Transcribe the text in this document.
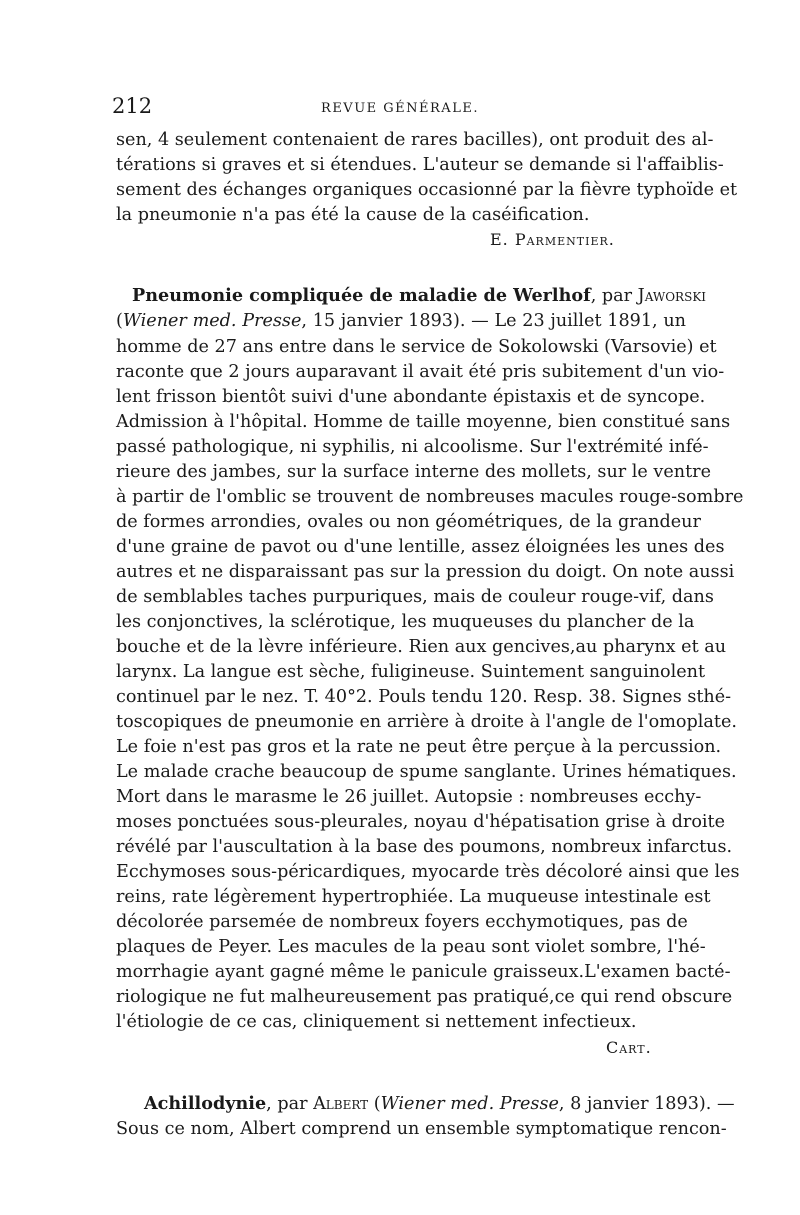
212	REVUE GÉNÉRALE.
sen, 4 seulement contenaient de rares bacilles), ont produit des al-
térations si graves et si étendues. L'auteur se demande si l'affaiblis-
sement des échanges organiques occasionné par la fièvre typhoïde et
la pneumonie n'a pas été la cause de la caséification.
E. Parmentier.
Pneumonie compliquée de maladie de Werlhof, par Jaworski
(Wiener med. Presse, 15 janvier 1893). — Le 23 juillet 1891, un
homme de 27 ans entre dans le service de Sokolowski (Varsovie) et
raconte que 2 jours auparavant il avait été pris subitement d'un vio-
lent frisson bientôt suivi d'une abondante épistaxis et de syncope.
Admission à l'hôpital. Homme de taille moyenne, bien constitué sans
passé pathologique, ni syphilis, ni alcoolisme. Sur l'extrémité infé-
rieure des jambes, sur la surface interne des mollets, sur le ventre
à partir de l'omblic se trouvent de nombreuses macules rouge-sombre
de formes arrondies, ovales ou non géométriques, de la grandeur
d'une graine de pavot ou d'une lentille, assez éloignées les unes des
autres et ne disparaissant pas sur la pression du doigt. On note aussi
de semblables taches purpuriques, mais de couleur rouge-vif, dans
les conjonctives, la sclérotique, les muqueuses du plancher de la
bouche et de la lèvre inférieure. Rien aux gencives,au pharynx et au
larynx. La langue est sèche, fuligineuse. Suintement sanguinolent
continuel par le nez. T. 40°2. Pouls tendu 120. Resp. 38. Signes sthé-
toscopiques de pneumonie en arrière à droite à l'angle de l'omoplate.
Le foie n'est pas gros et la rate ne peut être perçue à la percussion.
Le malade crache beaucoup de spume sanglante. Urines hématiques.
Mort dans le marasme le 26 juillet. Autopsie : nombreuses ecchy-
moses ponctuées sous-pleurales, noyau d'hépatisation grise à droite
révélé par l'auscultation à la base des poumons, nombreux infarctus.
Ecchymoses sous-péricardiques, myocarde très décoloré ainsi que les
reins, rate légèrement hypertrophiée. La muqueuse intestinale est
décolorée parsemée de nombreux foyers ecchymotiques, pas de
plaques de Peyer. Les macules de la peau sont violet sombre, l'hé-
morrhagie ayant gagné même le panicule graisseux.L'examen bacté-
riologique ne fut malheureusement pas pratiqué,ce qui rend obscure
l'étiologie de ce cas, cliniquement si nettement infectieux.
Cart.
Achillodynie, par Albert (Wiener med. Presse, 8 janvier 1893). —
Sous ce nom, Albert comprend un ensemble symptomatique rencon-
